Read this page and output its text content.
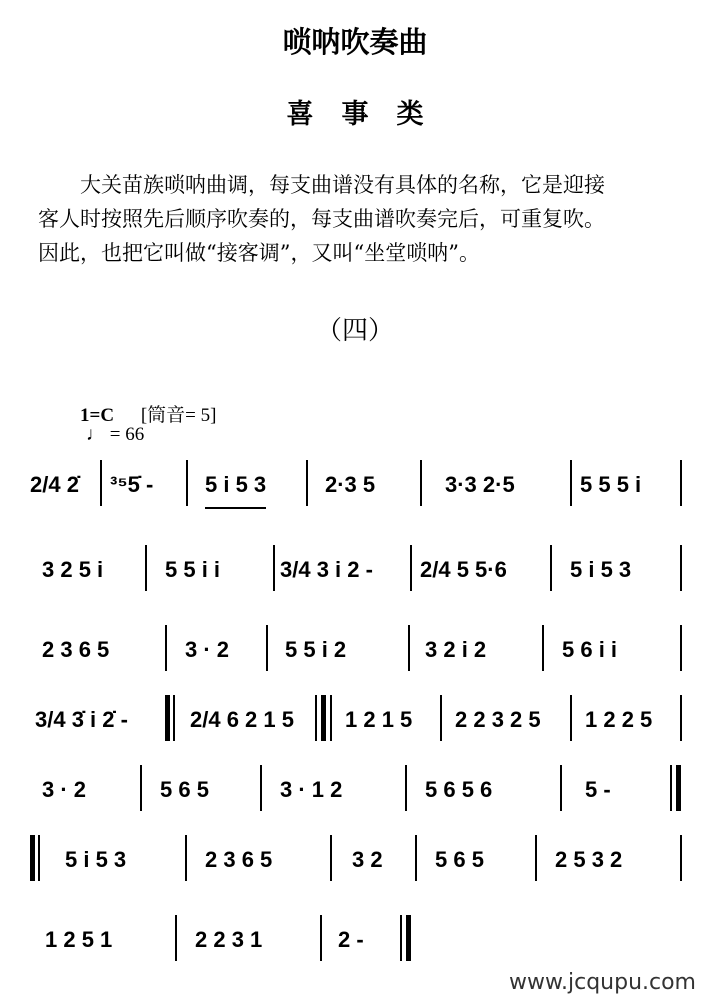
唢呐吹奏曲
喜事类

大关苗族唢呐曲调，每支曲谱没有具体的名称，它是迎接

客人时按照先后顺序吹奏的，每支曲谱吹奏完后，可重复吹。

因此，也把它叫做“接客调”，又叫“坐堂唢呐”。

（四）
1=C [筒音= 5]
♩ = 66
2/4 2̇ ³⁵5̇ - 5 i 5 3	2·3 5	3·3 2·5	5 5 5 i
3 2 5 i	5 5 i i	3/4 3 i 2 - 2/4 5 5·6	5 i 5 3
2 3 6 5	3 · 2	5 5 i 2	3 2 i 2	5 6 i i
3/4 3̇ i 2̇ -	2/4 6 2 1 5 1 2 1 5 2 2 3 2 5 1 2 2 5
3 · 2	5 6 5	3 · 1 2	5 6 5 6	5 -
5 i 5 3	2 3 6 5	3 2 5 6 5	2 5 3 2
1 2 5 1	2 2 3 1	2 -
www.jcqupu.com
